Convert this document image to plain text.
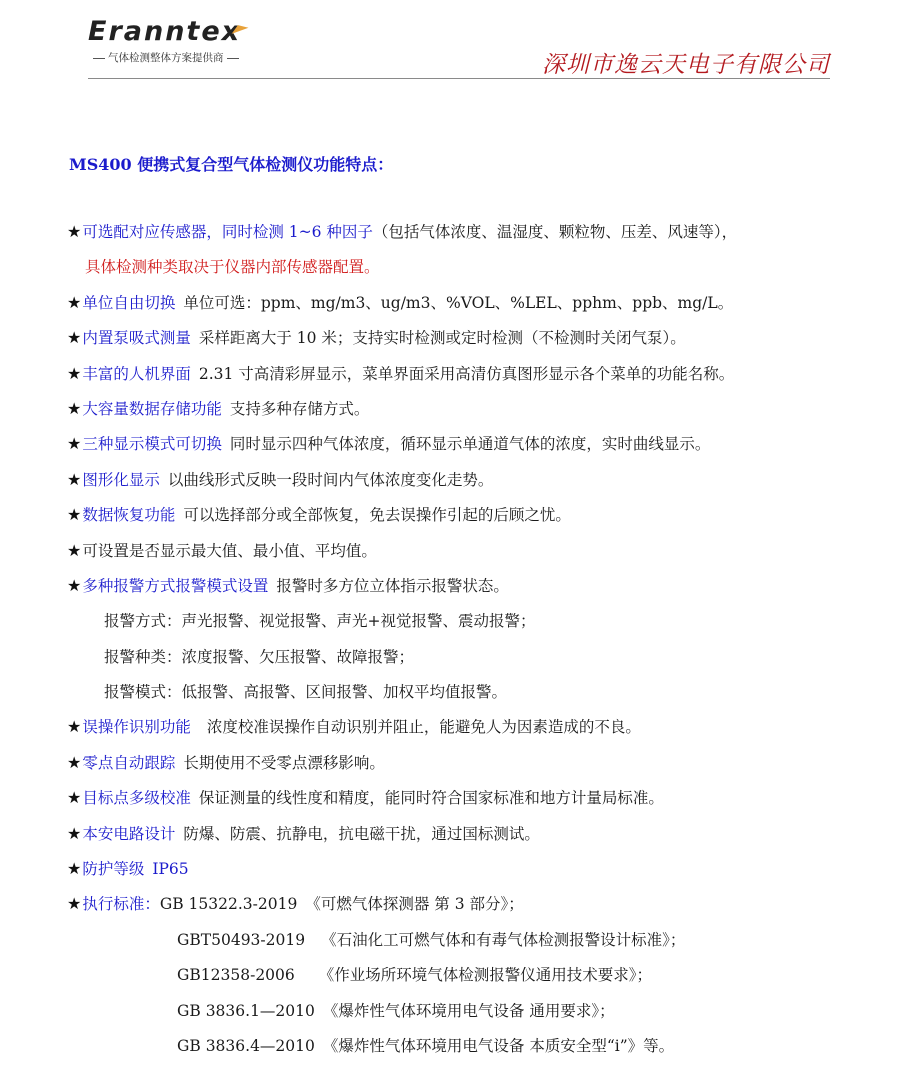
Eranntex
气体检测整体方案提供商	深圳市逸云天电子有限公司
MS400 便携式复合型气体检测仪功能特点：
★可选配对应传感器，同时检测 1~6 种因子（包括气体浓度、温湿度、颗粒物、压差、风速等），
具体检测种类取决于仪器内部传感器配置。
★单位自由切换 单位可选：ppm、mg/m3、ug/m3、%VOL、%LEL、pphm、ppb、mg/L。
★内置泵吸式测量 采样距离大于 10 米；支持实时检测或定时检测（不检测时关闭气泵）。
★丰富的人机界面 2.31 寸高清彩屏显示，菜单界面采用高清仿真图形显示各个菜单的功能名称。
★大容量数据存储功能 支持多种存储方式。
★三种显示模式可切换 同时显示四种气体浓度，循环显示单通道气体的浓度，实时曲线显示。
★图形化显示 以曲线形式反映一段时间内气体浓度变化走势。
★数据恢复功能 可以选择部分或全部恢复，免去误操作引起的后顾之忧。
★可设置是否显示最大值、最小值、平均值。
★多种报警方式报警模式设置 报警时多方位立体指示报警状态。
报警方式：声光报警、视觉报警、声光+视觉报警、震动报警；
报警种类：浓度报警、欠压报警、故障报警；
报警模式：低报警、高报警、区间报警、加权平均值报警。
★误操作识别功能 浓度校准误操作自动识别并阻止，能避免人为因素造成的不良。
★零点自动跟踪 长期使用不受零点漂移影响。
★目标点多级校准 保证测量的线性度和精度，能同时符合国家标准和地方计量局标准。
★本安电路设计 防爆、防震、抗静电，抗电磁干扰，通过国标测试。
★防护等级 IP65
★执行标准：GB 15322.3-2019 《可燃气体探测器 第 3 部分》；
GBT50493-2019 《石油化工可燃气体和有毒气体检测报警设计标准》；
GB12358-2006 《作业场所环境气体检测报警仪通用技术要求》；
GB 3836.1—2010 《爆炸性气体环境用电气设备 通用要求》；
GB 3836.4—2010 《爆炸性气体环境用电气设备 本质安全型“i”》等。
